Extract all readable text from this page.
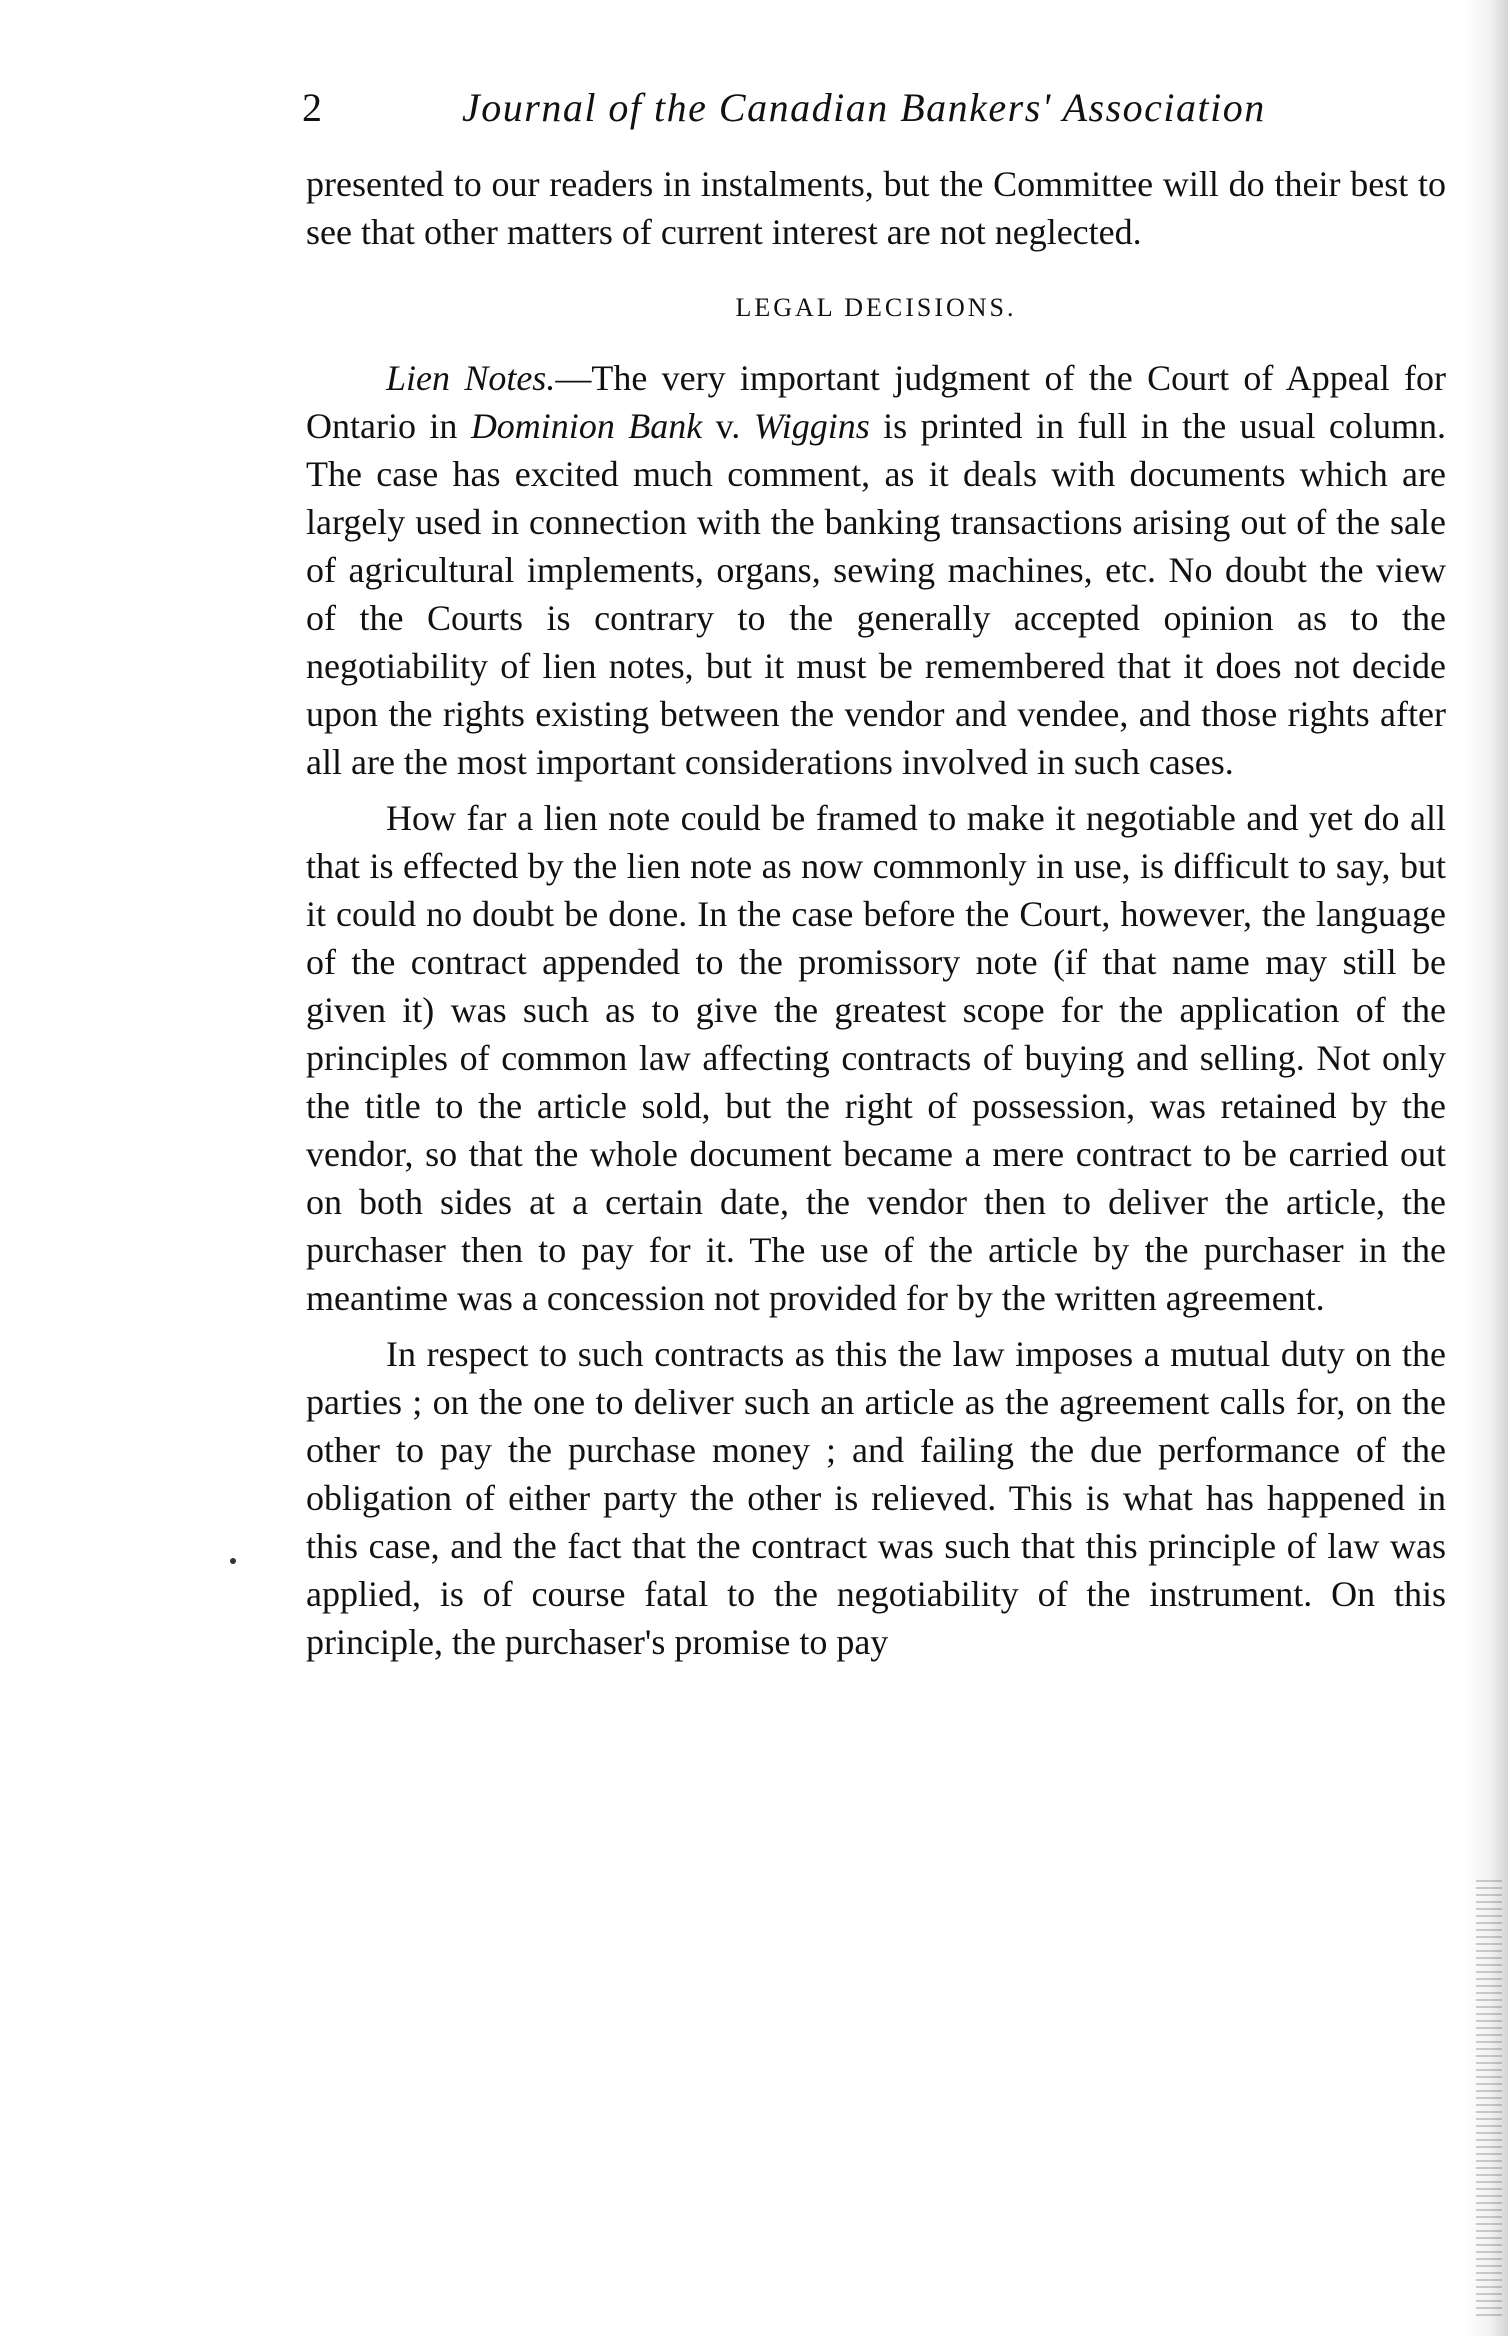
2	Journal of the Canadian Bankers' Association

presented to our readers in instalments, but the Committee will do their best to see that other matters of current interest are not neglected.

LEGAL DECISIONS.

Lien Notes.—The very important judgment of the Court of Appeal for Ontario in Dominion Bank v. Wiggins is printed in full in the usual column. The case has excited much comment, as it deals with documents which are largely used in connection with the banking transactions arising out of the sale of agricultural implements, organs, sewing machines, etc. No doubt the view of the Courts is contrary to the generally accepted opinion as to the negotiability of lien notes, but it must be remembered that it does not decide upon the rights existing between the vendor and vendee, and those rights after all are the most important considerations involved in such cases.

How far a lien note could be framed to make it negotiable and yet do all that is effected by the lien note as now commonly in use, is difficult to say, but it could no doubt be done. In the case before the Court, however, the language of the contract appended to the promissory note (if that name may still be given it) was such as to give the greatest scope for the application of the principles of common law affecting contracts of buying and selling. Not only the title to the article sold, but the right of possession, was retained by the vendor, so that the whole document became a mere contract to be carried out on both sides at a certain date, the vendor then to deliver the article, the purchaser then to pay for it. The use of the article by the purchaser in the meantime was a concession not provided for by the written agreement.

In respect to such contracts as this the law imposes a mutual duty on the parties ; on the one to deliver such an article as the agreement calls for, on the other to pay the purchase money ; and failing the due performance of the obligation of either party the other is relieved. This is what has happened in this case, and the fact that the contract was such that this principle of law was applied, is of course fatal to the negotiability of the instrument. On this principle, the purchaser's promise to pay
